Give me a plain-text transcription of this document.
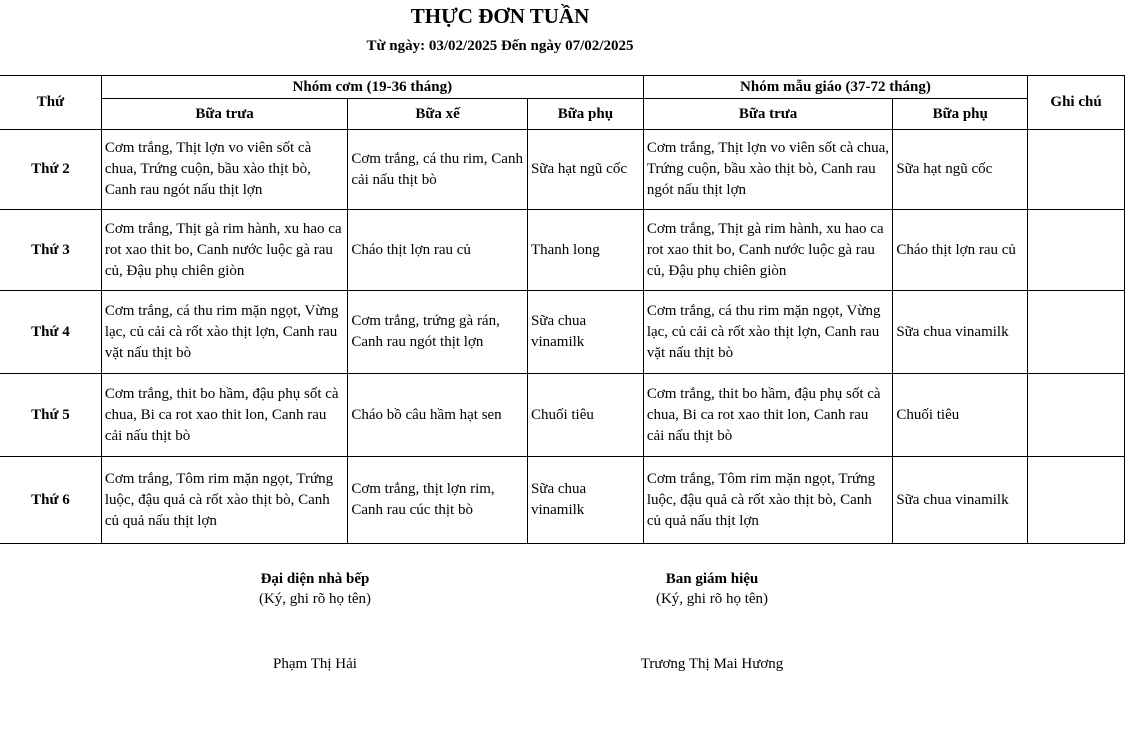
THỰC ĐƠN TUẦN
Từ ngày: 03/02/2025 Đến ngày 07/02/2025
Thứ	Nhóm cơm (19-36 tháng)			Nhóm mẫu giáo (37-72 tháng)		Ghi chú
	Bữa trưa	Bữa xế	Bữa phụ	Bữa trưa	Bữa phụ	
Thứ 2	Cơm trắng, Thịt lợn vo viên sốt cà chua, Trứng cuộn, bầu xào thịt bò, Canh rau ngót nấu thịt lợn	Cơm trắng, cá thu rim, Canh cải nấu thịt bò	Sữa hạt ngũ cốc	Cơm trắng, Thịt lợn vo viên sốt cà chua, Trứng cuộn, bầu xào thịt bò, Canh rau ngót nấu thịt lợn	Sữa hạt ngũ cốc	
Thứ 3	Cơm trắng, Thịt gà rim hành, xu hao ca rot xao thit bo, Canh nước luộc gà rau củ, Đậu phụ chiên giòn	Cháo thịt lợn rau củ	Thanh long	Cơm trắng, Thịt gà rim hành, xu hao ca rot xao thit bo, Canh nước luộc gà rau củ, Đậu phụ chiên giòn	Cháo thịt lợn rau củ	
Thứ 4	Cơm trắng, cá thu rim mặn ngọt, Vừng lạc, củ cải cà rốt xào thịt lợn, Canh rau vặt nấu thịt bò	Cơm trắng, trứng gà rán, Canh rau ngót thịt lợn	Sữa chua vinamilk	Cơm trắng, cá thu rim mặn ngọt, Vừng lạc, củ cải cà rốt xào thịt lợn, Canh rau vặt nấu thịt bò	Sữa chua vinamilk	
Thứ 5	Cơm trắng, thit bo hầm, đậu phụ sốt cà chua, Bi ca rot xao thit lon, Canh rau cải nấu thịt bò	Cháo bồ câu hầm hạt sen	Chuối tiêu	Cơm trắng, thit bo hầm, đậu phụ sốt cà chua, Bi ca rot xao thit lon, Canh rau cải nấu thịt bò	Chuối tiêu	
Thứ 6	Cơm trắng, Tôm rim mặn ngọt, Trứng luộc, đậu quả cà rốt xào thịt bò, Canh củ quả nấu thịt lợn	Cơm trắng, thịt lợn rim, Canh rau cúc thịt bò	Sữa chua vinamilk	Cơm trắng, Tôm rim mặn ngọt, Trứng luộc, đậu quả cà rốt xào thịt bò, Canh củ quả nấu thịt lợn	Sữa chua vinamilk	
Đại diện nhà bếp
(Ký, ghi rõ họ tên)
Phạm Thị Hải
Ban giám hiệu
(Ký, ghi rõ họ tên)
Trương Thị Mai Hương
